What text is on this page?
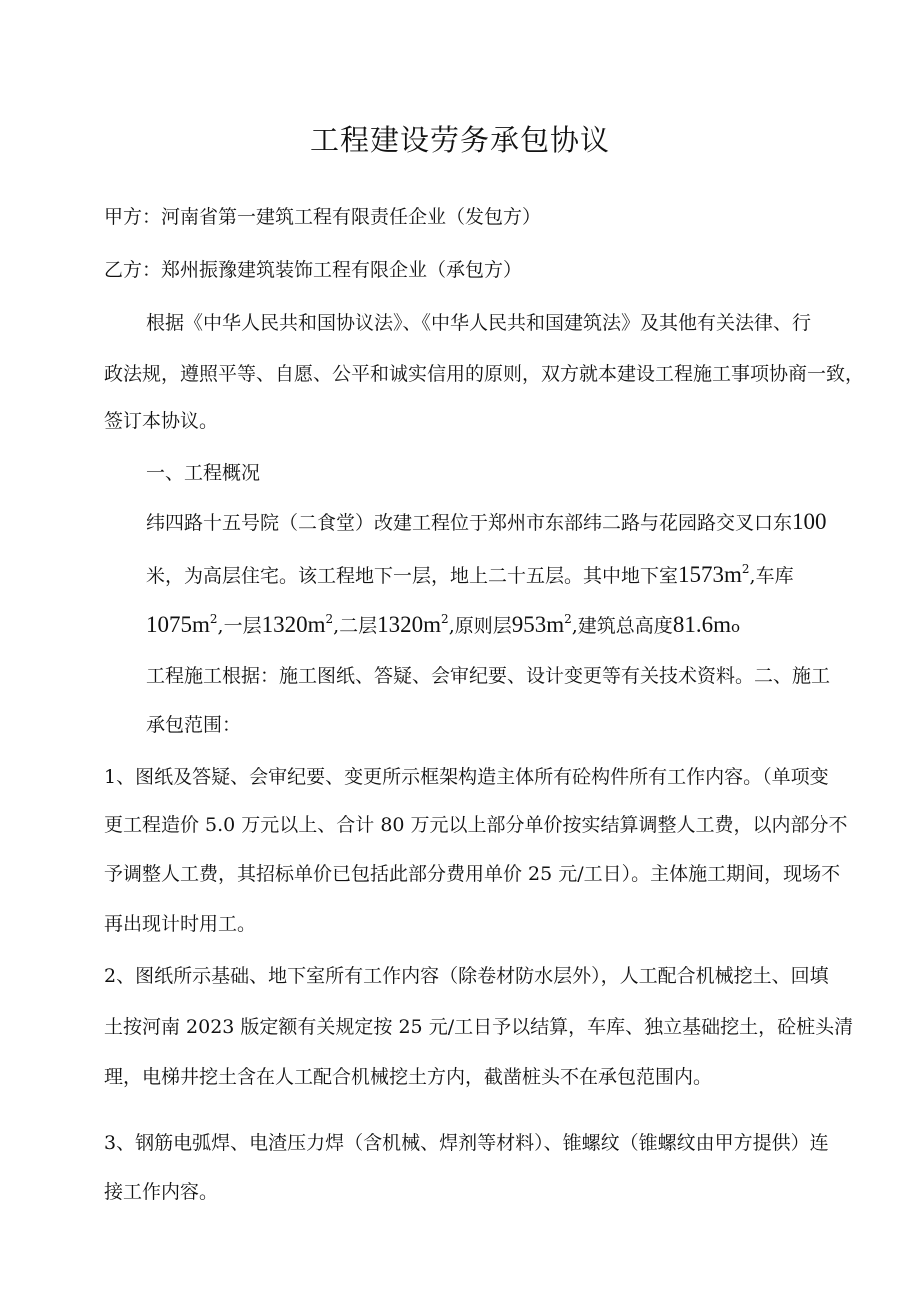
工程建设劳务承包协议
甲方：河南省第一建筑工程有限责任企业（发包方）
乙方：郑州振豫建筑装饰工程有限企业（承包方）
根据《中华人民共和国协议法》、《中华人民共和国建筑法》及其他有关法律、行
政法规，遵照平等、自愿、公平和诚实信用的原则，双方就本建设工程施工事项协商一致，
签订本协议。
一、工程概况
纬四路十五号院（二食堂）改建工程位于郑州市东部纬二路与花园路交叉口东100
米，为高层住宅。该工程地下一层，地上二十五层。其中地下室$1573m^2$,车库
$1075m^2$,一层$1320m^2$,二层$1320m^2$,原则层$953m^2$,建筑总高度81.6mo
工程施工根据：施工图纸、答疑、会审纪要、设计变更等有关技术资料。二、施工
承包范围：
1、图纸及答疑、会审纪要、变更所示框架构造主体所有砼构件所有工作内容。（单项变
更工程造价 5.0 万元以上、合计 80 万元以上部分单价按实结算调整人工费，以内部分不
予调整人工费，其招标单价已包括此部分费用单价 25 元/工日）。主体施工期间，现场不
再出现计时用工。
2、图纸所示基础、地下室所有工作内容（除卷材防水层外），人工配合机械挖土、回填
土按河南 2023 版定额有关规定按 25 元/工日予以结算，车库、独立基础挖土，砼桩头清
理，电梯井挖土含在人工配合机械挖土方内，截凿桩头不在承包范围内。
3、钢筋电弧焊、电渣压力焊（含机械、焊剂等材料）、锥螺纹（锥螺纹由甲方提供）连
接工作内容。
